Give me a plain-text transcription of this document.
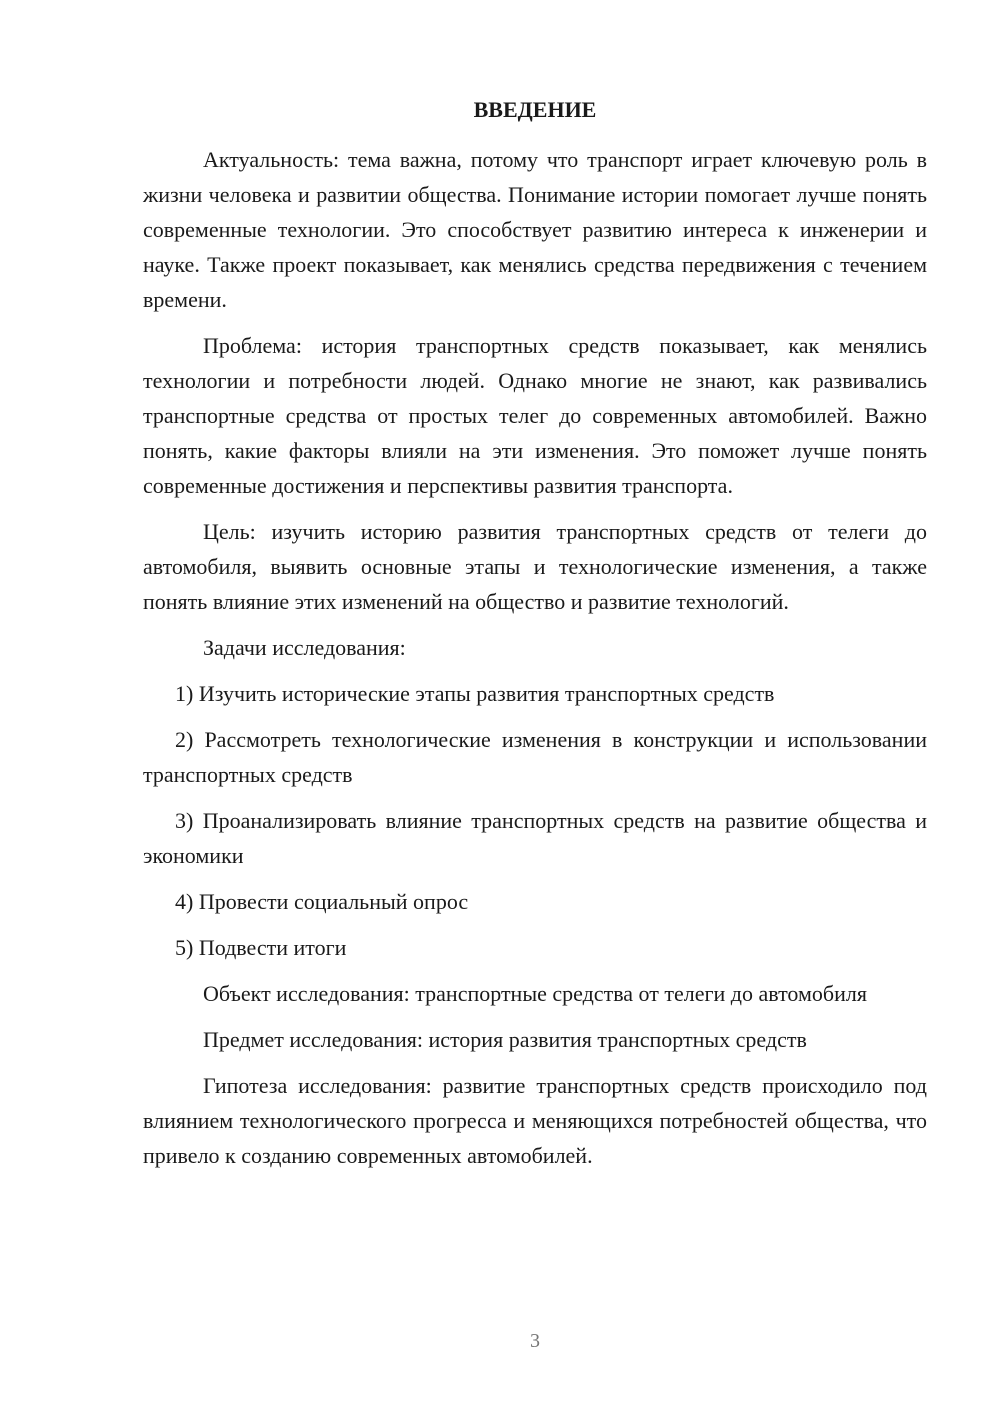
ВВЕДЕНИЕ

Актуальность: тема важна, потому что транспорт играет ключевую роль в жизни человека и развитии общества. Понимание истории помогает лучше понять современные технологии. Это способствует развитию интереса к инженерии и науке. Также проект показывает, как менялись средства передвижения с течением времени.

Проблема: история транспортных средств показывает, как менялись технологии и потребности людей. Однако многие не знают, как развивались транспортные средства от простых телег до современных автомобилей. Важно понять, какие факторы влияли на эти изменения. Это поможет лучше понять современные достижения и перспективы развития транспорта.

Цель: изучить историю развития транспортных средств от телеги до автомобиля, выявить основные этапы и технологические изменения, а также понять влияние этих изменений на общество и развитие технологий.

Задачи исследования:

1) Изучить исторические этапы развития транспортных средств

2) Рассмотреть технологические изменения в конструкции и использовании транспортных средств

3) Проанализировать влияние транспортных средств на развитие общества и экономики

4) Провести социальный опрос

5) Подвести итоги

Объект исследования: транспортные средства от телеги до автомобиля

Предмет исследования: история развития транспортных средств

Гипотеза исследования: развитие транспортных средств происходило под влиянием технологического прогресса и меняющихся потребностей общества, что привело к созданию современных автомобилей.

3
